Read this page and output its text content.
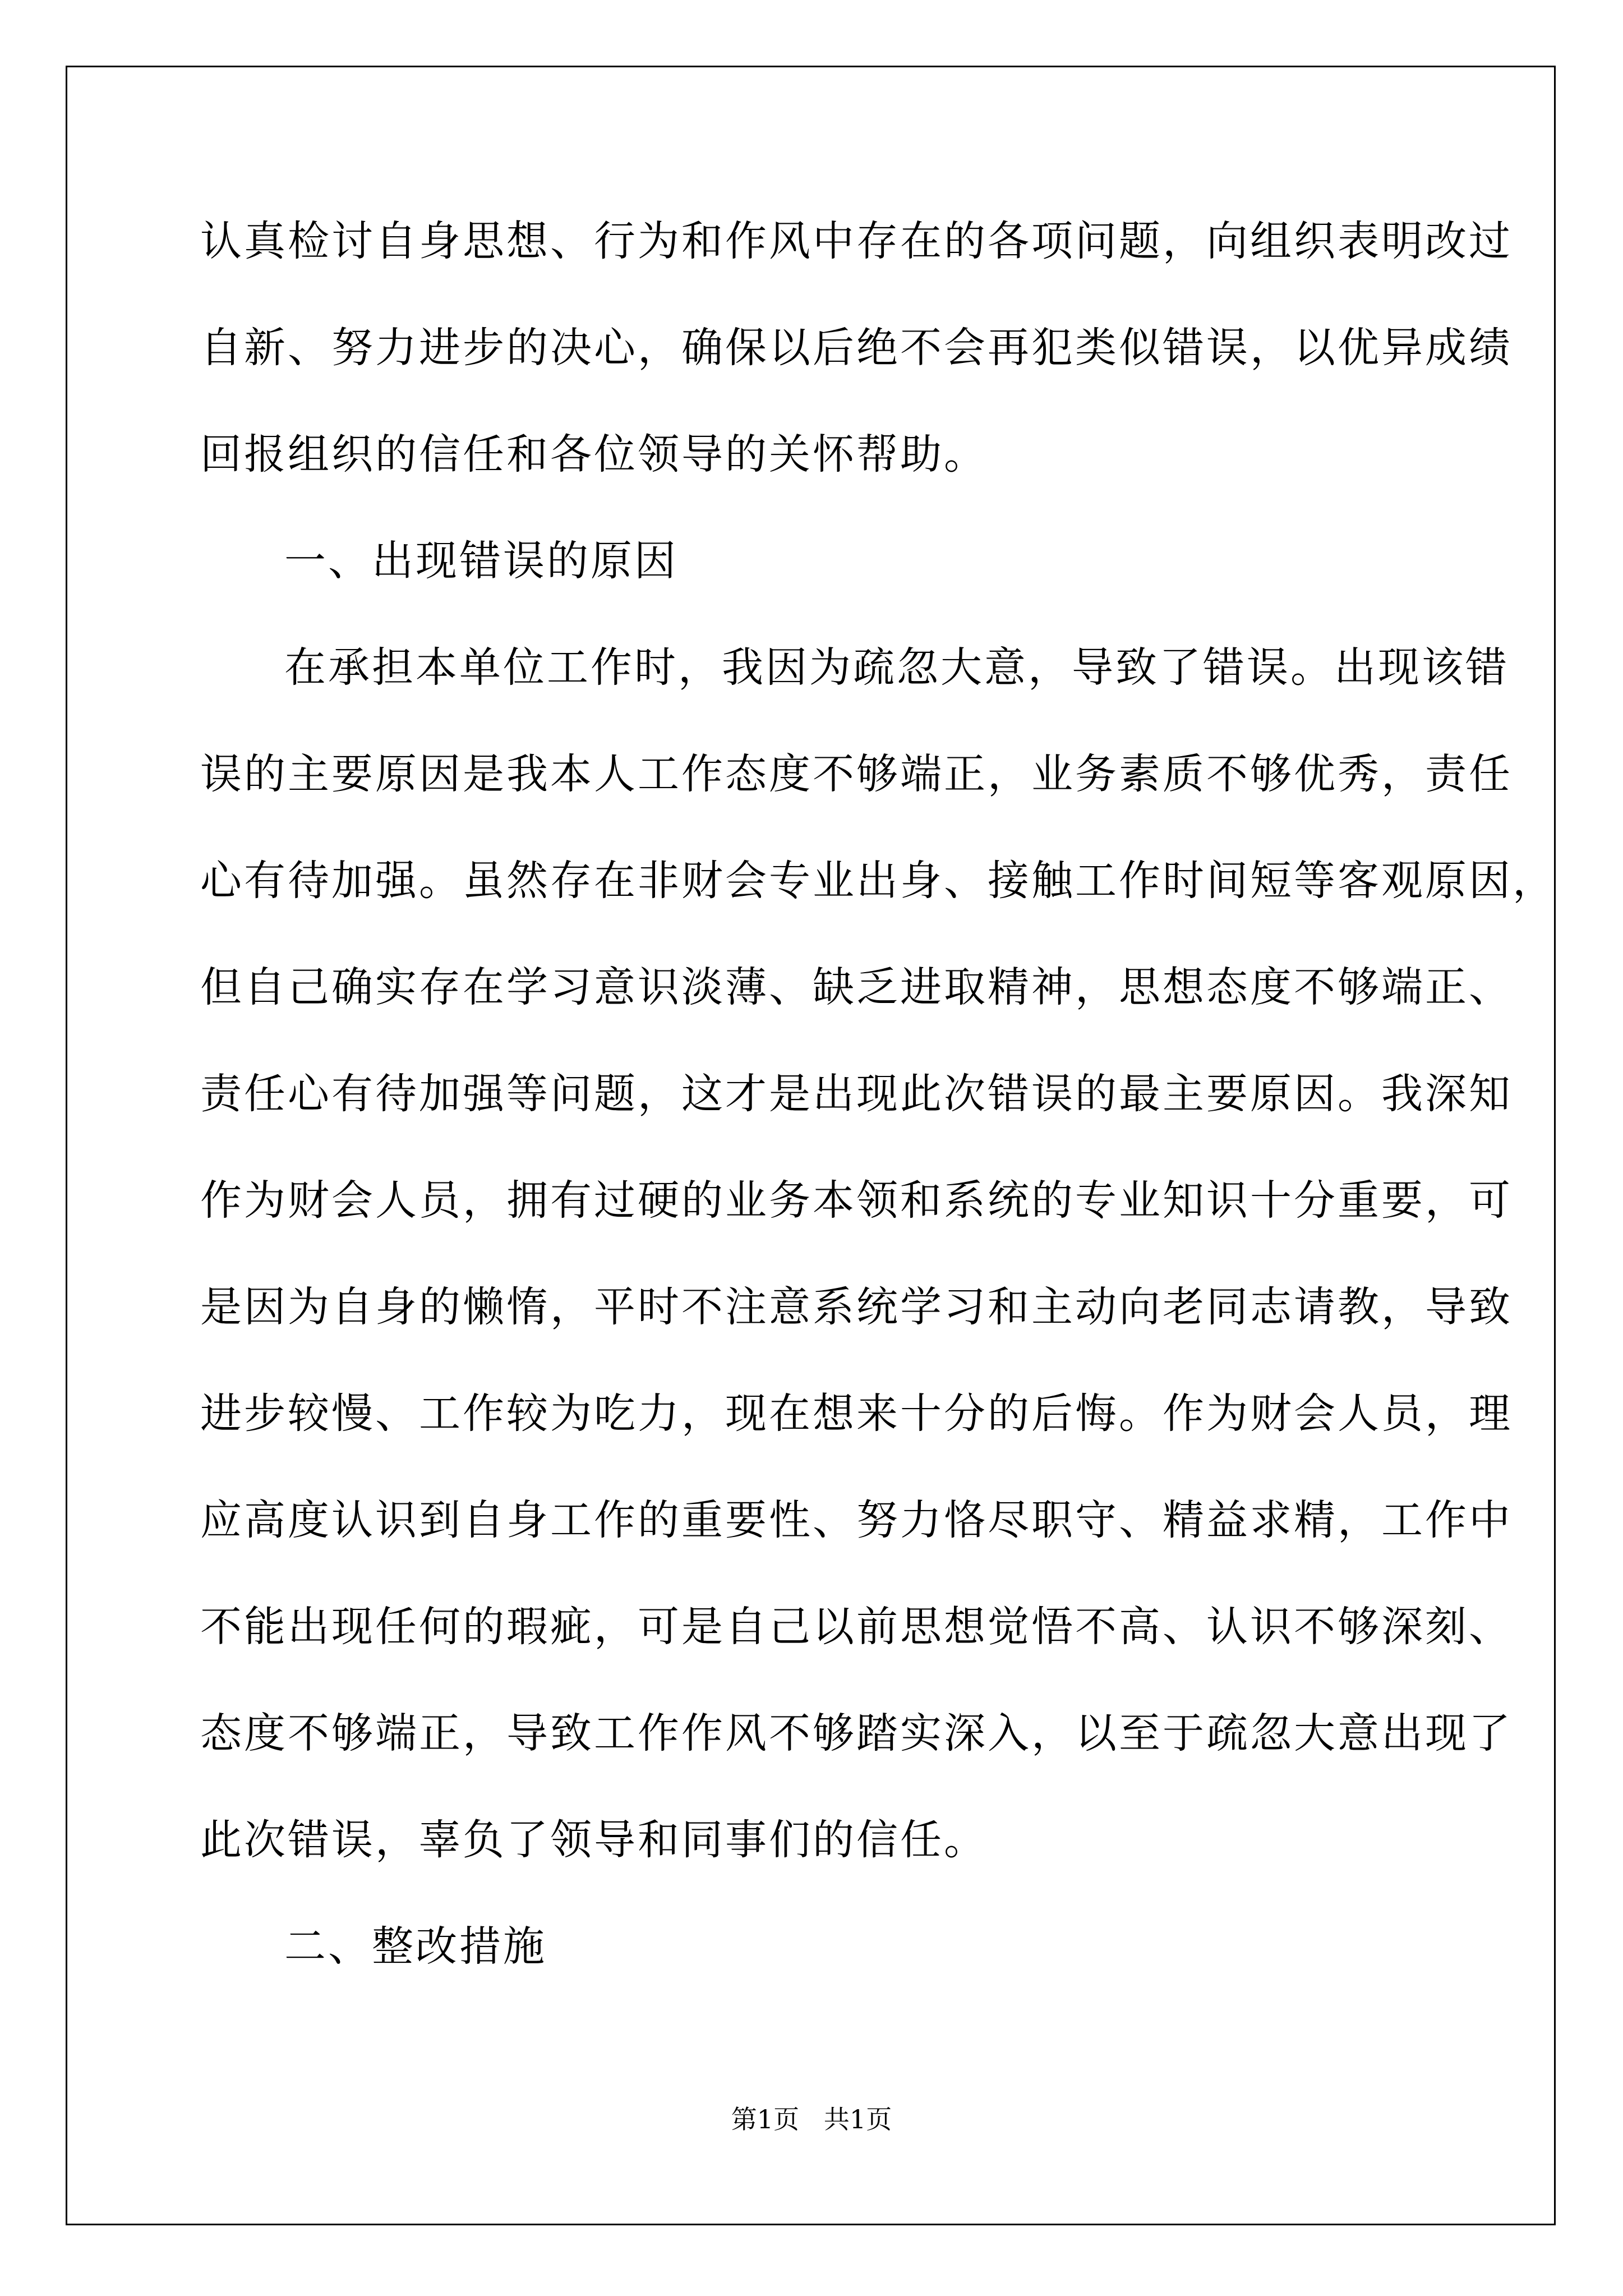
认真检讨自身思想、行为和作风中存在的各项问题，向组织表明改过
自新、努力进步的决心，确保以后绝不会再犯类似错误，以优异成绩
回报组织的信任和各位领导的关怀帮助。
一、出现错误的原因
在承担本单位工作时，我因为疏忽大意，导致了错误。出现该错
误的主要原因是我本人工作态度不够端正，业务素质不够优秀，责任
心有待加强。虽然存在非财会专业出身、接触工作时间短等客观原因，
但自己确实存在学习意识淡薄、缺乏进取精神，思想态度不够端正、
责任心有待加强等问题，这才是出现此次错误的最主要原因。我深知
作为财会人员，拥有过硬的业务本领和系统的专业知识十分重要，可
是因为自身的懒惰，平时不注意系统学习和主动向老同志请教，导致
进步较慢、工作较为吃力，现在想来十分的后悔。作为财会人员，理
应高度认识到自身工作的重要性、努力恪尽职守、精益求精，工作中
不能出现任何的瑕疵，可是自己以前思想觉悟不高、认识不够深刻、
态度不够端正，导致工作作风不够踏实深入，以至于疏忽大意出现了
此次错误，辜负了领导和同事们的信任。
二、整改措施
第1页   共1页
